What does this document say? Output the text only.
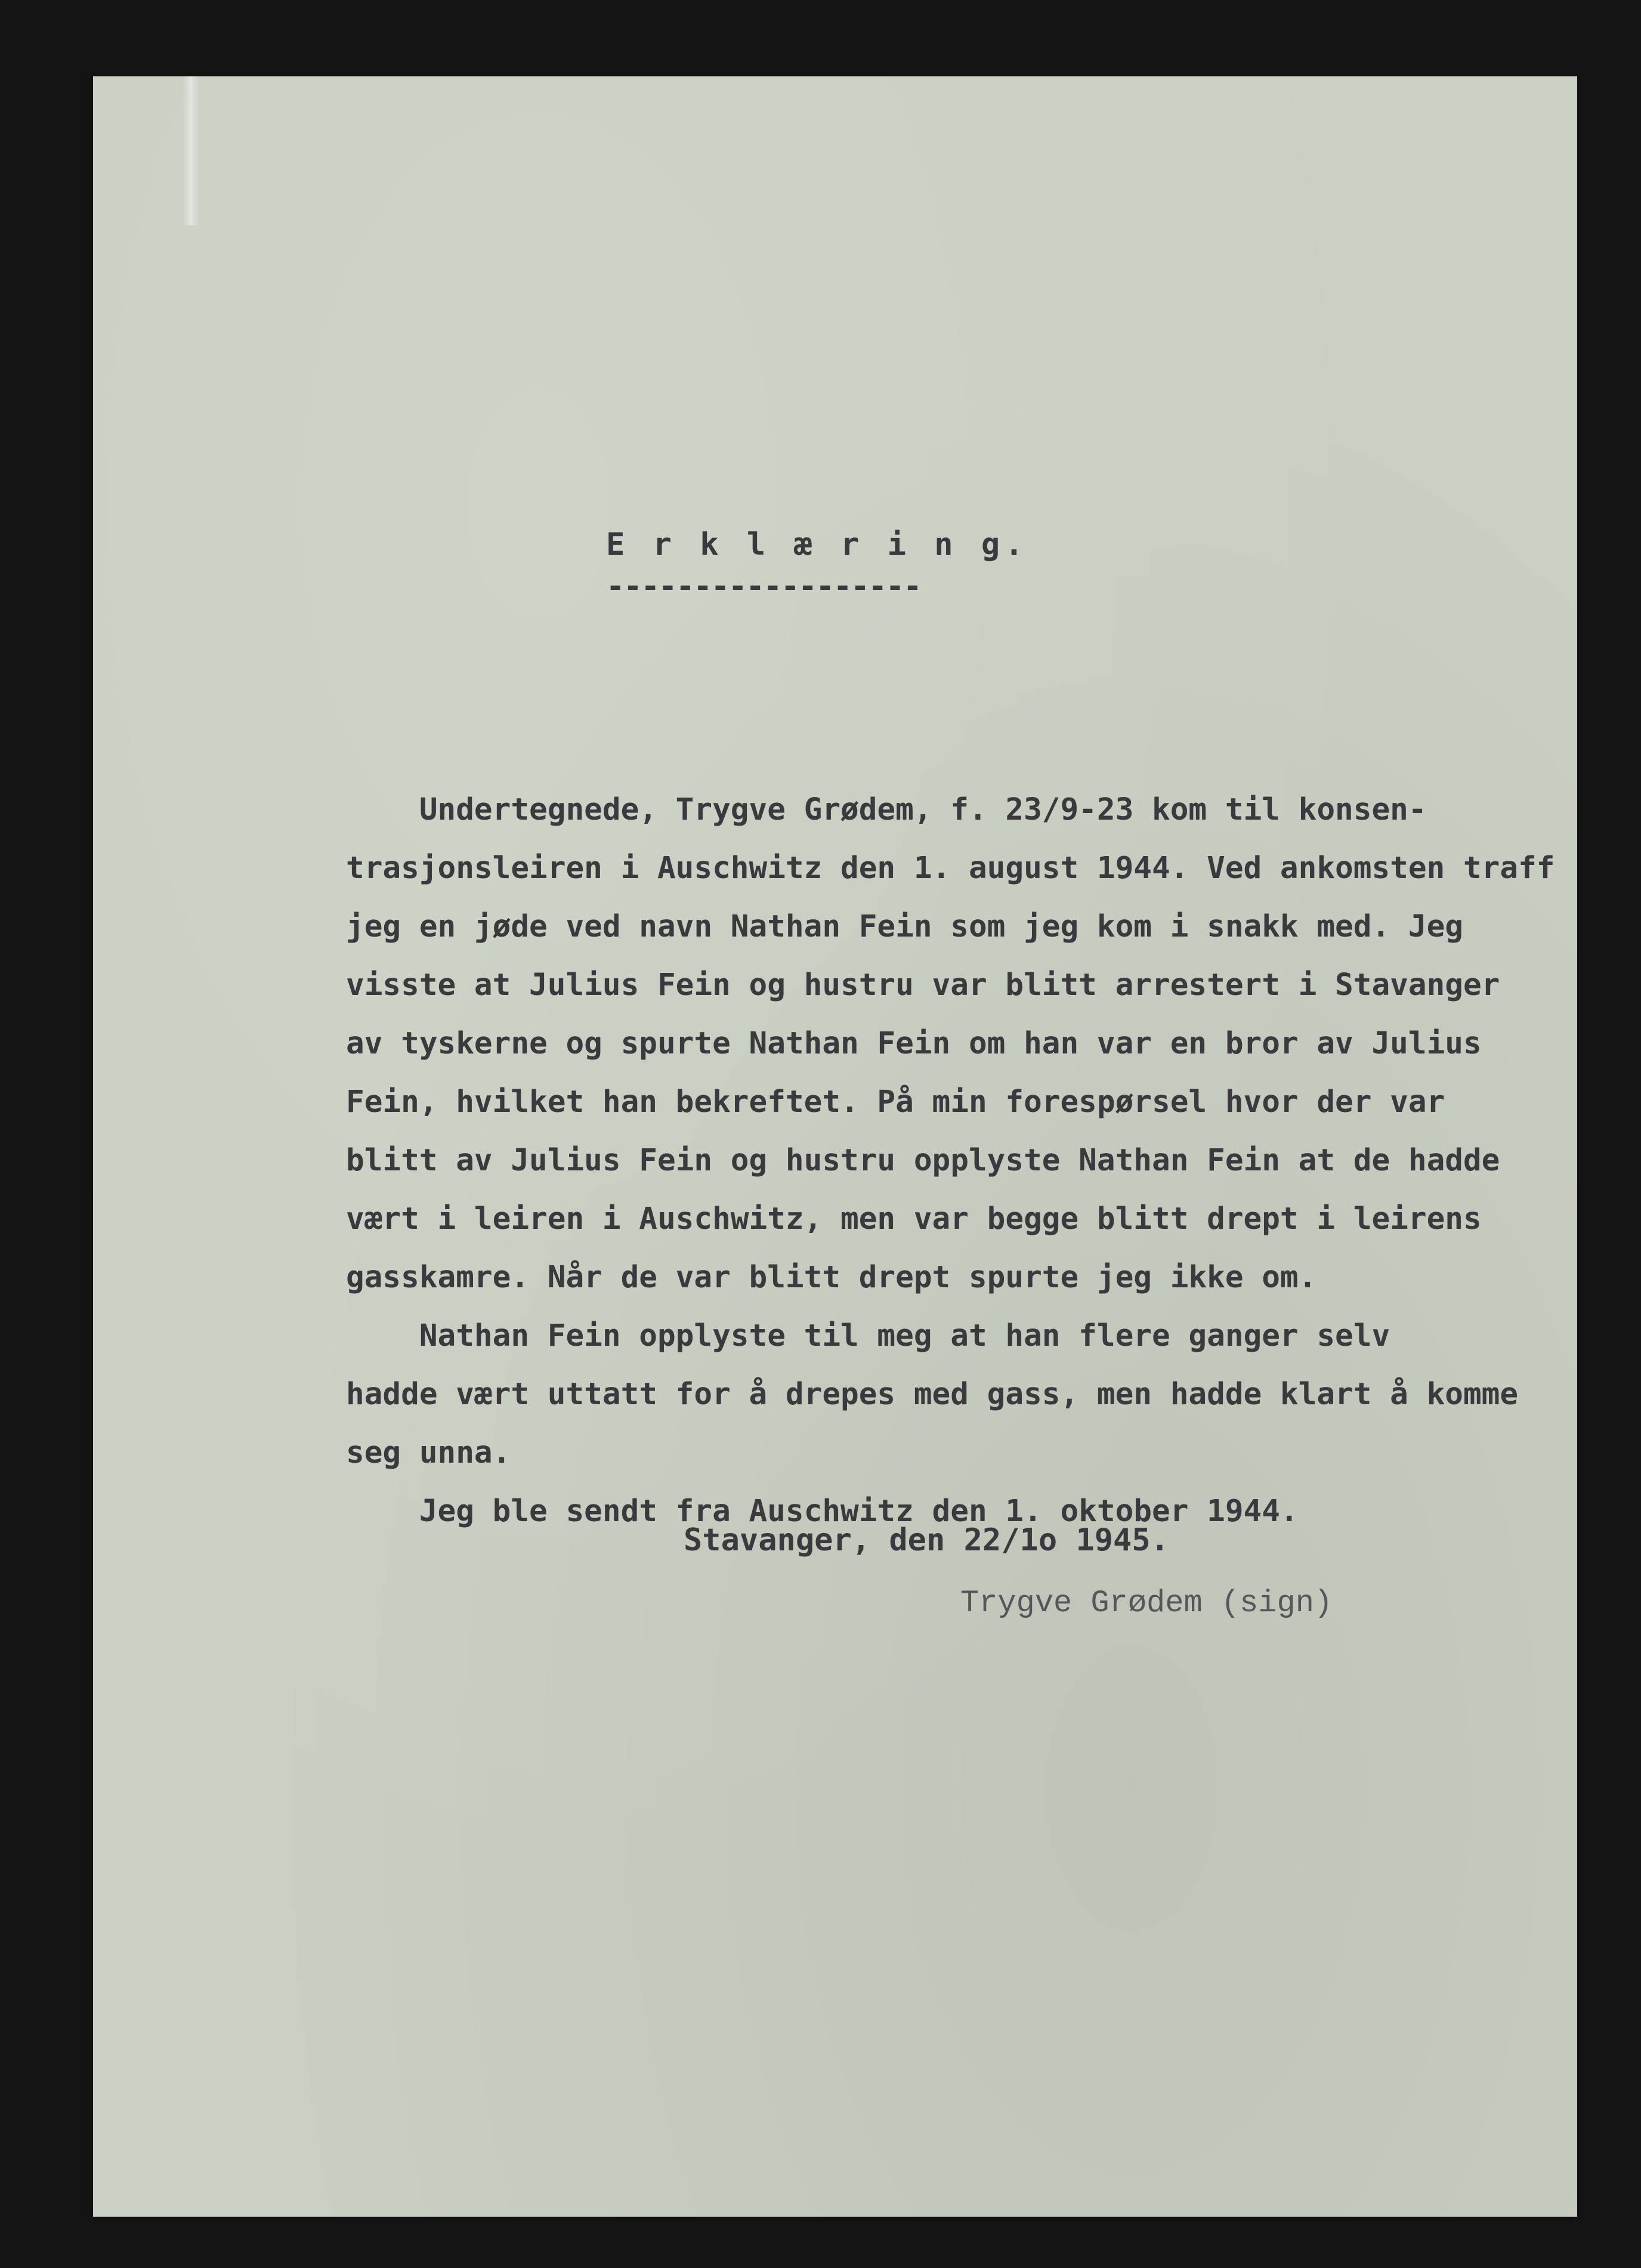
E r k l æ r i n g.
------------------
Undertegnede, Trygve Grødem, f. 23/9-23 kom til konsen-
trasjonsleiren i Auschwitz den 1. august 1944. Ved ankomsten traff
jeg en jøde ved navn Nathan Fein som jeg kom i snakk med. Jeg
visste at Julius Fein og hustru var blitt arrestert i Stavanger
av tyskerne og spurte Nathan Fein om han var en bror av Julius
Fein, hvilket han bekreftet. På min forespørsel hvor der var
blitt av Julius Fein og hustru opplyste Nathan Fein at de hadde
vært i leiren i Auschwitz, men var begge blitt drept i leirens
gasskamre. Når de var blitt drept spurte jeg ikke om.
Nathan Fein opplyste til meg at han flere ganger selv
hadde vært uttatt for å drepes med gass, men hadde klart å komme
seg unna.
Jeg ble sendt fra Auschwitz den 1. oktober 1944.
Stavanger, den 22/1o 1945.
Trygve Grødem (sign)
